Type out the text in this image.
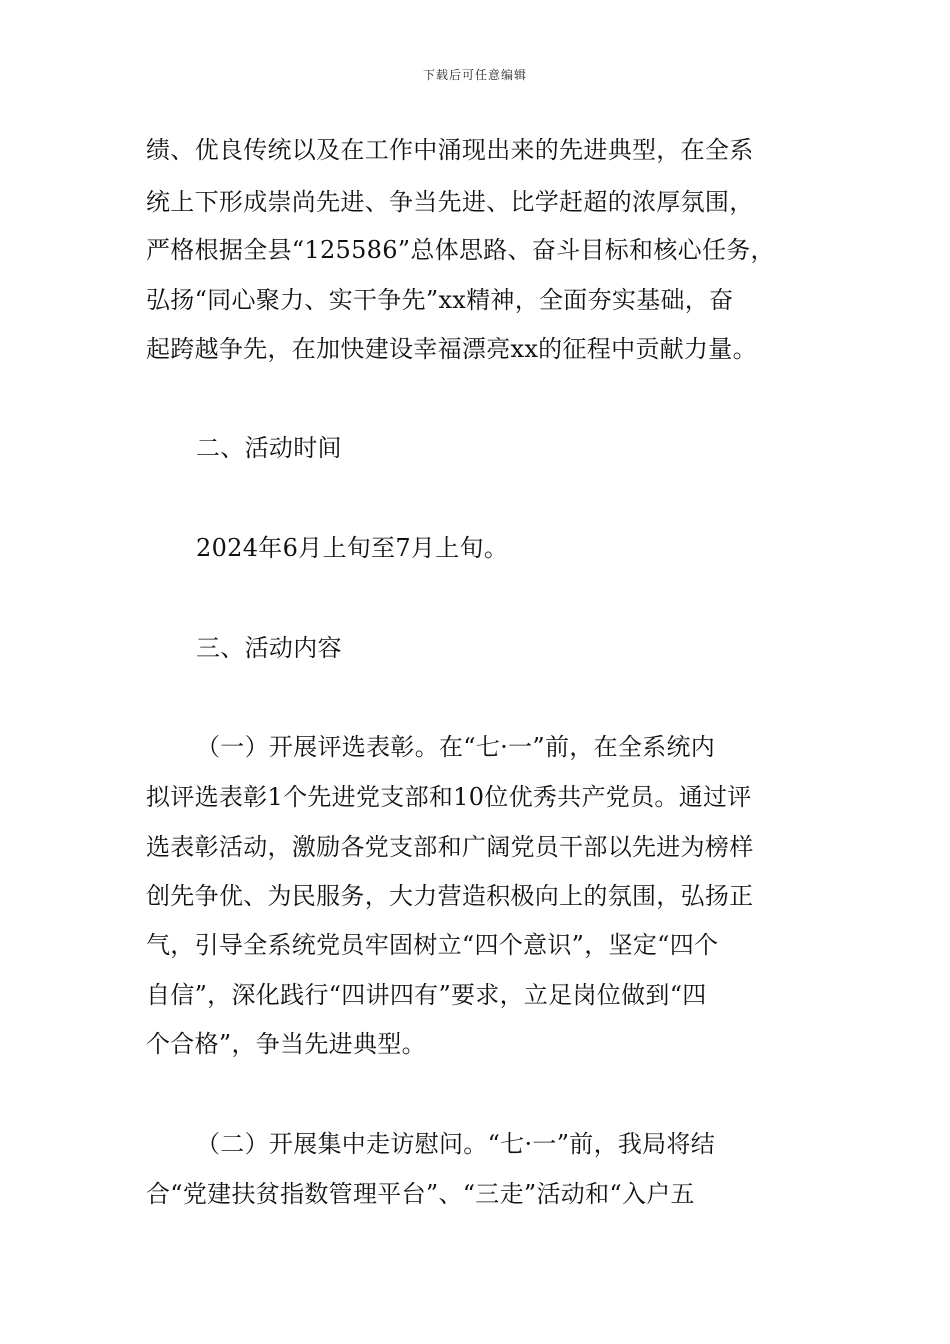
下载后可任意编辑
绩、优良传统以及在工作中涌现出来的先进典型，在全系
统上下形成崇尚先进、争当先进、比学赶超的浓厚氛围，
严格根据全县“125586”总体思路、奋斗目标和核心任务，
弘扬“同心聚力、实干争先”xx精神，全面夯实基础，奋
起跨越争先，在加快建设幸福漂亮xx的征程中贡献力量。
二、活动时间
2024年6月上旬至7月上旬。
三、活动内容
（一）开展评选表彰。在“七·一”前，在全系统内
拟评选表彰1个先进党支部和10位优秀共产党员。通过评
选表彰活动，激励各党支部和广阔党员干部以先进为榜样
创先争优、为民服务，大力营造积极向上的氛围，弘扬正
气，引导全系统党员牢固树立“四个意识”，坚定“四个
自信”，深化践行“四讲四有”要求，立足岗位做到“四
个合格”，争当先进典型。
（二）开展集中走访慰问。“七·一”前，我局将结
合“党建扶贫指数管理平台”、“三走”活动和“入户五
